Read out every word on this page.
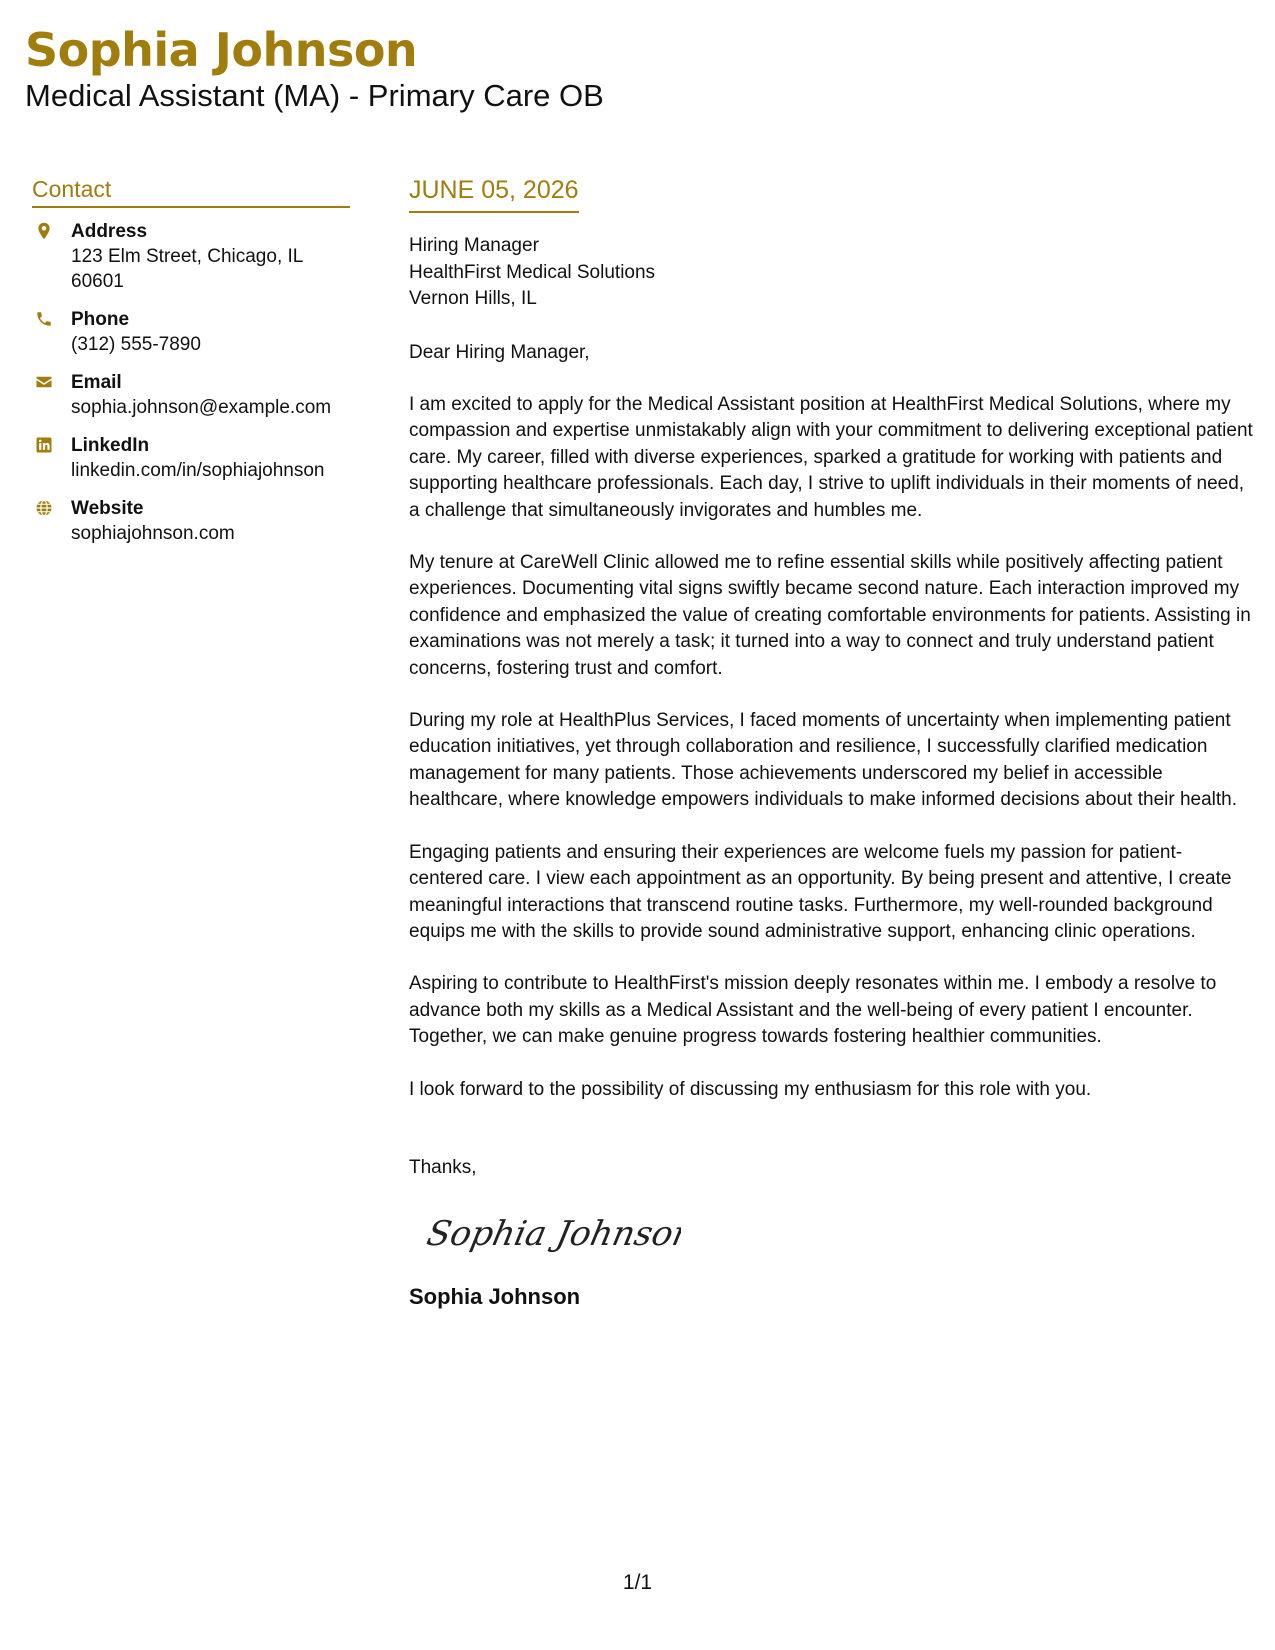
Sophia Johnson
Medical Assistant (MA) - Primary Care OB
Contact
Address
123 Elm Street, Chicago, IL
60601
Phone
(312) 555-7890
Email
sophia.johnson@example.com
LinkedIn
linkedin.com/in/sophiajohnson
Website
sophiajohnson.com
JUNE 05, 2026
Hiring Manager
HealthFirst Medical Solutions
Vernon Hills, IL
Dear Hiring Manager,
I am excited to apply for the Medical Assistant position at HealthFirst Medical Solutions, where my compassion and expertise unmistakably align with your commitment to delivering exceptional patient care. My career, filled with diverse experiences, sparked a gratitude for working with patients and supporting healthcare professionals. Each day, I strive to uplift individuals in their moments of need, a challenge that simultaneously invigorates and humbles me.
My tenure at CareWell Clinic allowed me to refine essential skills while positively affecting patient experiences. Documenting vital signs swiftly became second nature. Each interaction improved my confidence and emphasized the value of creating comfortable environments for patients. Assisting in examinations was not merely a task; it turned into a way to connect and truly understand patient concerns, fostering trust and comfort.
During my role at HealthPlus Services, I faced moments of uncertainty when implementing patient education initiatives, yet through collaboration and resilience, I successfully clarified medication management for many patients. Those achievements underscored my belief in accessible healthcare, where knowledge empowers individuals to make informed decisions about their health.
Engaging patients and ensuring their experiences are welcome fuels my passion for patient-centered care. I view each appointment as an opportunity. By being present and attentive, I create meaningful interactions that transcend routine tasks. Furthermore, my well-rounded background equips me with the skills to provide sound administrative support, enhancing clinic operations.
Aspiring to contribute to HealthFirst's mission deeply resonates within me. I embody a resolve to advance both my skills as a Medical Assistant and the well-being of every patient I encounter. Together, we can make genuine progress towards fostering healthier communities.
I look forward to the possibility of discussing my enthusiasm for this role with you.
Thanks,
Sophia Johnson
Sophia Johnson
1/1
